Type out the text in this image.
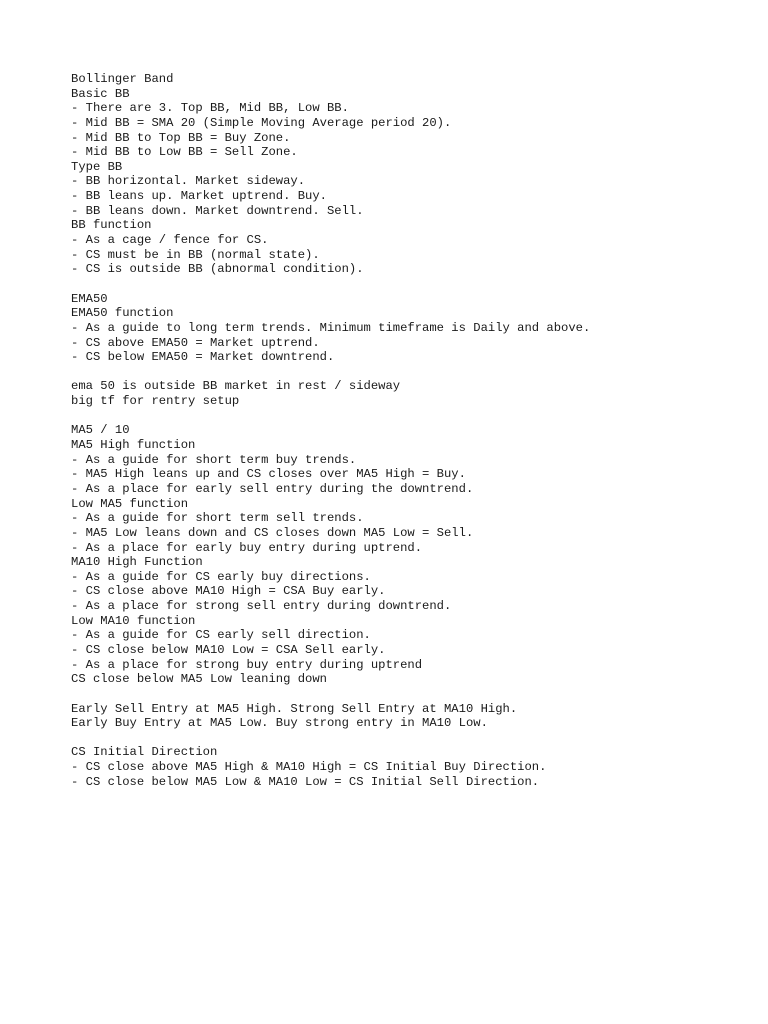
Bollinger Band
Basic BB
- There are 3. Top BB, Mid BB, Low BB.
- Mid BB = SMA 20 (Simple Moving Average period 20).
- Mid BB to Top BB = Buy Zone.
- Mid BB to Low BB = Sell Zone.
Type BB
- BB horizontal. Market sideway.
- BB leans up. Market uptrend. Buy.
- BB leans down. Market downtrend. Sell.
BB function
- As a cage / fence for CS.
- CS must be in BB (normal state).
- CS is outside BB (abnormal condition).
EMA50
EMA50 function
- As a guide to long term trends. Minimum timeframe is Daily and above.
- CS above EMA50 = Market uptrend.
- CS below EMA50 = Market downtrend.
ema 50 is outside BB market in rest / sideway
big tf for rentry setup
MA5 / 10
MA5 High function
- As a guide for short term buy trends.
- MA5 High leans up and CS closes over MA5 High = Buy.
- As a place for early sell entry during the downtrend.
Low MA5 function
- As a guide for short term sell trends.
- MA5 Low leans down and CS closes down MA5 Low = Sell.
- As a place for early buy entry during uptrend.
MA10 High Function
- As a guide for CS early buy directions.
- CS close above MA10 High = CSA Buy early.
- As a place for strong sell entry during downtrend.
Low MA10 function
- As a guide for CS early sell direction.
- CS close below MA10 Low = CSA Sell early.
- As a place for strong buy entry during uptrend
CS close below MA5 Low leaning down
Early Sell Entry at MA5 High. Strong Sell Entry at MA10 High.
Early Buy Entry at MA5 Low. Buy strong entry in MA10 Low.
CS Initial Direction
- CS close above MA5 High & MA10 High = CS Initial Buy Direction.
- CS close below MA5 Low & MA10 Low = CS Initial Sell Direction.
